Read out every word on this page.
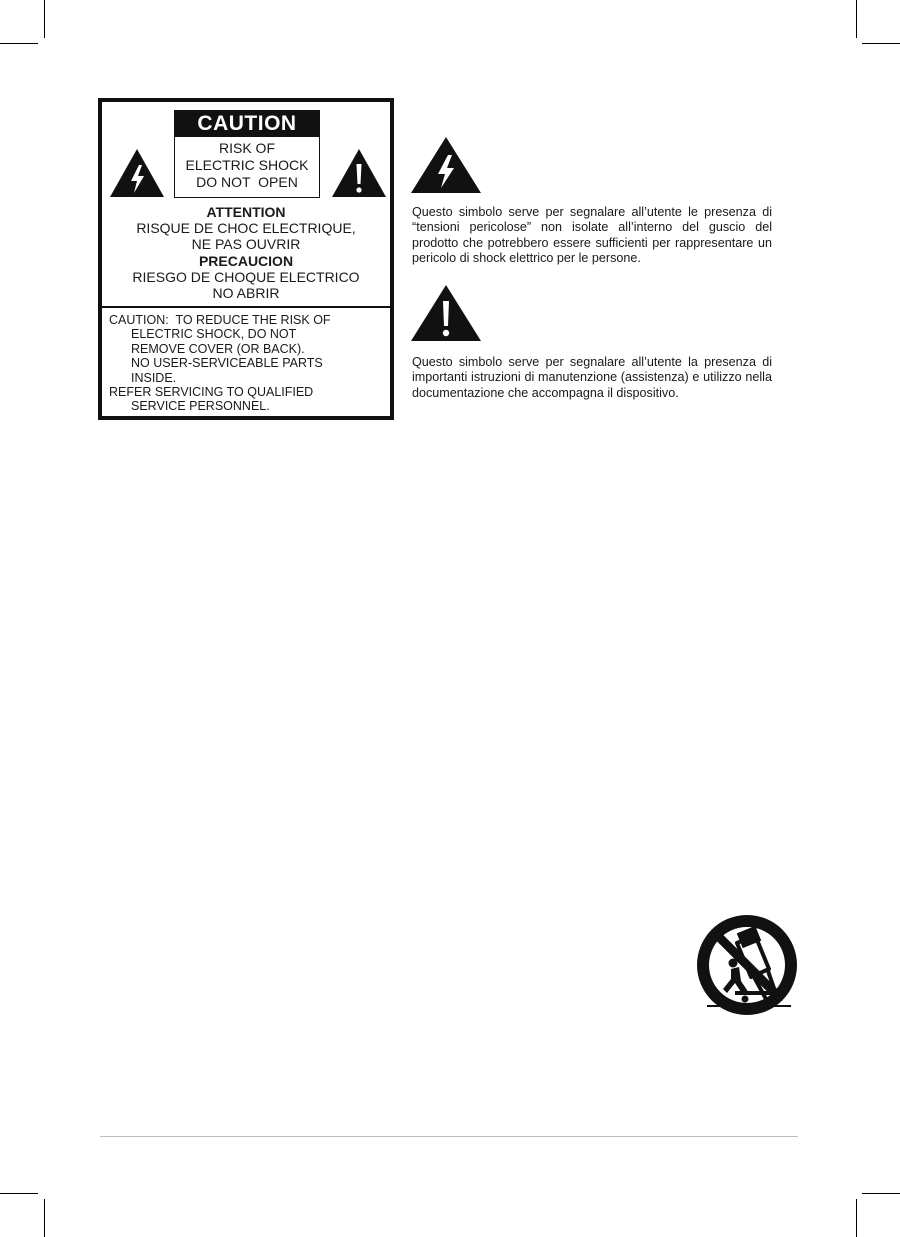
CAUTION
RISK OF
ELECTRIC SHOCK
DO NOT  OPEN
ATTENTION
RISQUE DE CHOC ELECTRIQUE,
NE PAS OUVRIR
PRECAUCION
RIESGO DE CHOQUE ELECTRICO
NO ABRIR
CAUTION:  TO REDUCE THE RISK OF
ELECTRIC SHOCK, DO NOT
REMOVE COVER (OR BACK).
NO USER-SERVICEABLE PARTS
INSIDE.
REFER SERVICING TO QUALIFIED
SERVICE PERSONNEL.
Questo simbolo serve per segnalare all’utente le presenza di “tensioni pericolose” non isolate all’interno del guscio del prodotto che potrebbero essere sufficienti per rappresentare un pericolo di shock elettrico per le persone.
Questo simbolo serve per segnalare all’utente la presenza di importanti istruzioni di manutenzione (assistenza) e utilizzo nella documentazione che accompagna il dispositivo.
